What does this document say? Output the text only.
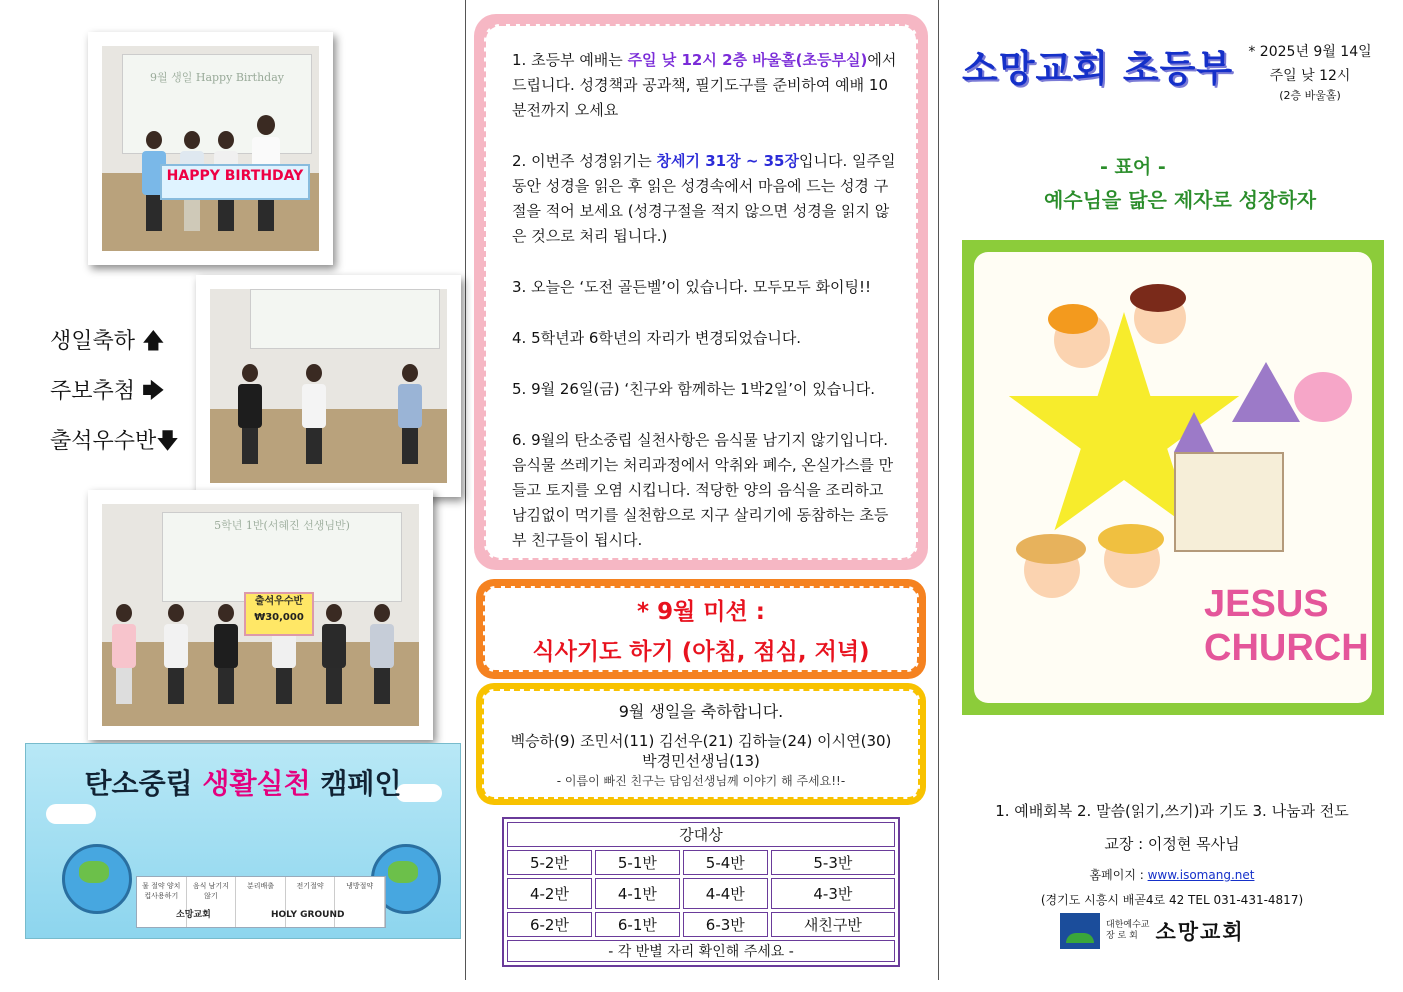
9월 생일 Happy Birthday
HAPPY BIRTHDAY
생일축하 🡅
주보추첨 🡆
출석우수반🡇
5학년 1반(서혜진 선생님반)
출석우수반
₩30,000
탄소중립 생활실천 캠페인
물 절약 양치컵사용하기
음식 남기지 않기
분리배출	전기절약	냉방절약
소망교회	HOLY GROUND

1. 초등부 예배는 주일 낮 12시 2층 바울홀(초등부실)에서 드립니다. 성경책과 공과책, 필기도구를 준비하여 예배 10분전까지 오세요

2. 이번주 성경읽기는 창세기 31장 ~ 35장입니다. 일주일 동안 성경을 읽은 후 읽은 성경속에서 마음에 드는 성경 구절을 적어 보세요 (성경구절을 적지 않으면 성경을 읽지 않은 것으로 처리 됩니다.)

3. 오늘은 ‘도전 골든벨’이 있습니다. 모두모두 화이팅!!

4. 5학년과 6학년의 자리가 변경되었습니다.

5. 9월 26일(금) ‘친구와 함께하는 1박2일’이 있습니다.

6. 9월의 탄소중립 실천사항은 음식물 남기지 않기입니다. 음식물 쓰레기는 처리과정에서 악취와 폐수, 온실가스를 만들고 토지를 오염 시킵니다. 적당한 양의 음식을 조리하고 남김없이 먹기를 실천함으로 지구 살리기에 동참하는 초등부 친구들이 됩시다.

* 9월 미션 :
식사기도 하기 (아침, 점심, 저녁)
9월 생일을 축하합니다.
벡승하(9) 조민서(11) 김선우(21) 김하늘(24) 이시연(30)
박경민선생님(13)
- 이름이 빠진 친구는 담임선생님께 이야기 해 주세요!!-
강대상			
5-2반	5-1반	5-4반	5-3반
4-2반	4-1반	4-4반	4-3반
6-2반	6-1반	6-3반	새친구반
- 각 반별 자리 확인해 주세요 -			
소망교회 초등부	* 2025년 9월 14일
주일 낮 12시
(2층 바울홀)
- 표어 -
예수님을 닮은 제자로 성장하자
JESUS
CHURCH
1. 예배회복 2. 말씀(읽기,쓰기)과 기도 3. 나눔과 전도
교장 : 이정현 목사님
홈페이지 : www.isomang.net
(경기도 시흥시 배곧4로 42 TEL 031-431-4817)
대한예수교
장 로 회 소망교회
